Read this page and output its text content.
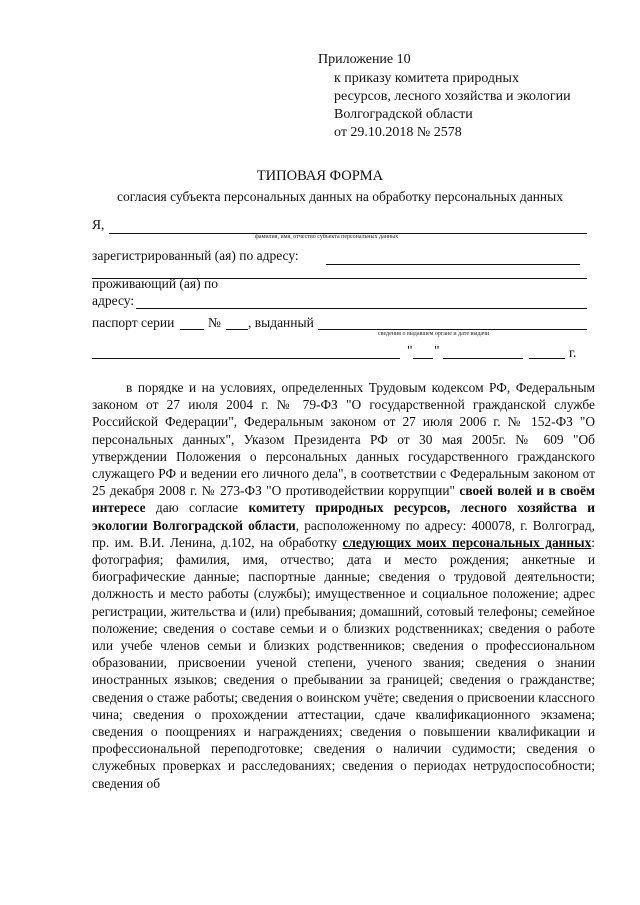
Приложение 10
к приказу комитета природных
ресурсов, лесного хозяйства и экологии
Волгоградской области
от 29.10.2018 № 2578
ТИПОВАЯ ФОРМА
согласия субъекта персональных данных на обработку персональных данных
Я,
фамилия, имя, отчество субъекта персональных данных
зарегистрированный (ая) по адресу:
проживающий (ая) по
адресу:
паспорт серии № , выданный
сведения о выдавшем органе и дате выдачи
" "	г.
в порядке и на условиях, определенных Трудовым кодексом РФ, Федеральным законом от 27 июля 2004 г. № 79-ФЗ "О государственной гражданской службе Российской Федерации", Федеральным законом от 27 июля 2006 г. № 152-ФЗ "О персональных данных", Указом Президента РФ от 30 мая 2005г. № 609 "Об утверждении Положения о персональных данных государственного гражданского служащего РФ и ведении его личного дела", в соответствии с Федеральным законом от 25 декабря 2008 г. № 273-ФЗ "О противодействии коррупции" своей волей и в своём интересе даю согласие комитету природных ресурсов, лесного хозяйства и экологии Волгоградской области, расположенному по адресу: 400078, г. Волгоград, пр. им. В.И. Ленина, д.102, на обработку следующих моих персональных данных: фотография; фамилия, имя, отчество; дата и место рождения; анкетные и биографические данные; паспортные данные; сведения о трудовой деятельности; должность и место работы (службы); имущественное и социальное положение; адрес регистрации, жительства и (или) пребывания; домашний, сотовый телефоны; семейное положение; сведения о составе семьи и о близких родственниках; сведения о работе или учебе членов семьи и близких родственников; сведения о профессиональном образовании, присвоении ученой степени, ученого звания; сведения о знании иностранных языков; сведения о пребывании за границей; сведения о гражданстве; сведения о стаже работы; сведения о воинском учёте; сведения о присвоении классного чина; сведения о прохождении аттестации, сдаче квалификационного экзамена; сведения о поощрениях и награждениях; сведения о повышении квалификации и профессиональной переподготовке; сведения о наличии судимости; сведения о служебных проверках и расследованиях; сведения о периодах нетрудоспособности; сведения об
